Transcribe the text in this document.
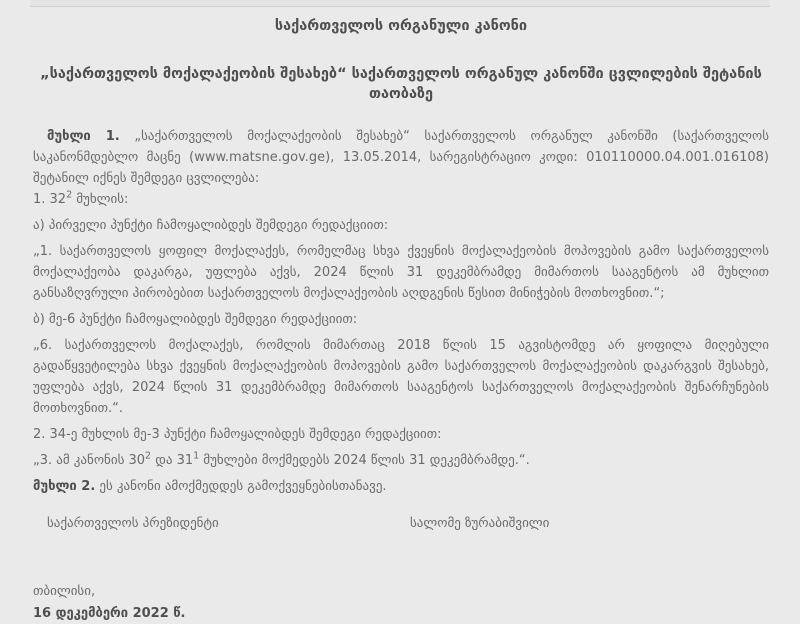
საქართველოს ორგანული კანონი
„საქართველოს მოქალაქეობის შესახებ“ საქართველოს ორგანულ კანონში ცვლილების შეტანის თაობაზე

მუხლი 1. „საქართველოს მოქალაქეობის შესახებ“ საქართველოს ორგანულ კანონში (საქართველოს საკანონმდებლო მაცნე (www.matsne.gov.ge), 13.05.2014, სარეგისტრაციო კოდი: 010110000.04.001.016108) შეტანილ იქნეს შემდეგი ცვლილება:

1. $32^2$ მუხლის:

ა) პირველი პუნქტი ჩამოყალიბდეს შემდეგი რედაქციით:

„1. საქართველოს ყოფილ მოქალაქეს, რომელმაც სხვა ქვეყნის მოქალაქეობის მოპოვების გამო საქართველოს მოქალაქეობა დაკარგა, უფლება აქვს, 2024 წლის 31 დეკემბრამდე მიმართოს სააგენტოს ამ მუხლით განსაზღვრული პირობებით საქართველოს მოქალაქეობის აღდგენის წესით მინიჭების მოთხოვნით.“;

ბ) მე-6 პუნქტი ჩამოყალიბდეს შემდეგი რედაქციით:

„6. საქართველოს მოქალაქეს, რომლის მიმართაც 2018 წლის 15 აგვისტომდე არ ყოფილა მიღებული გადაწყვეტილება სხვა ქვეყნის მოქალაქეობის მოპოვების გამო საქართველოს მოქალაქეობის დაკარგვის შესახებ, უფლება აქვს, 2024 წლის 31 დეკემბრამდე მიმართოს სააგენტოს საქართველოს მოქალაქეობის შენარჩუნების მოთხოვნით.“.

2. 34-ე მუხლის მე-3 პუნქტი ჩამოყალიბდეს შემდეგი რედაქციით:

„3. ამ კანონის $30^2$ და $31^1$ მუხლები მოქმედებს 2024 წლის 31 დეკემბრამდე.“.

მუხლი 2. ეს კანონი ამოქმედდეს გამოქვეყნებისთანავე.

საქართველოს პრეზიდენტი	სალომე ზურაბიშვილი
თბილისი,
16 დეკემბერი 2022 წ.
